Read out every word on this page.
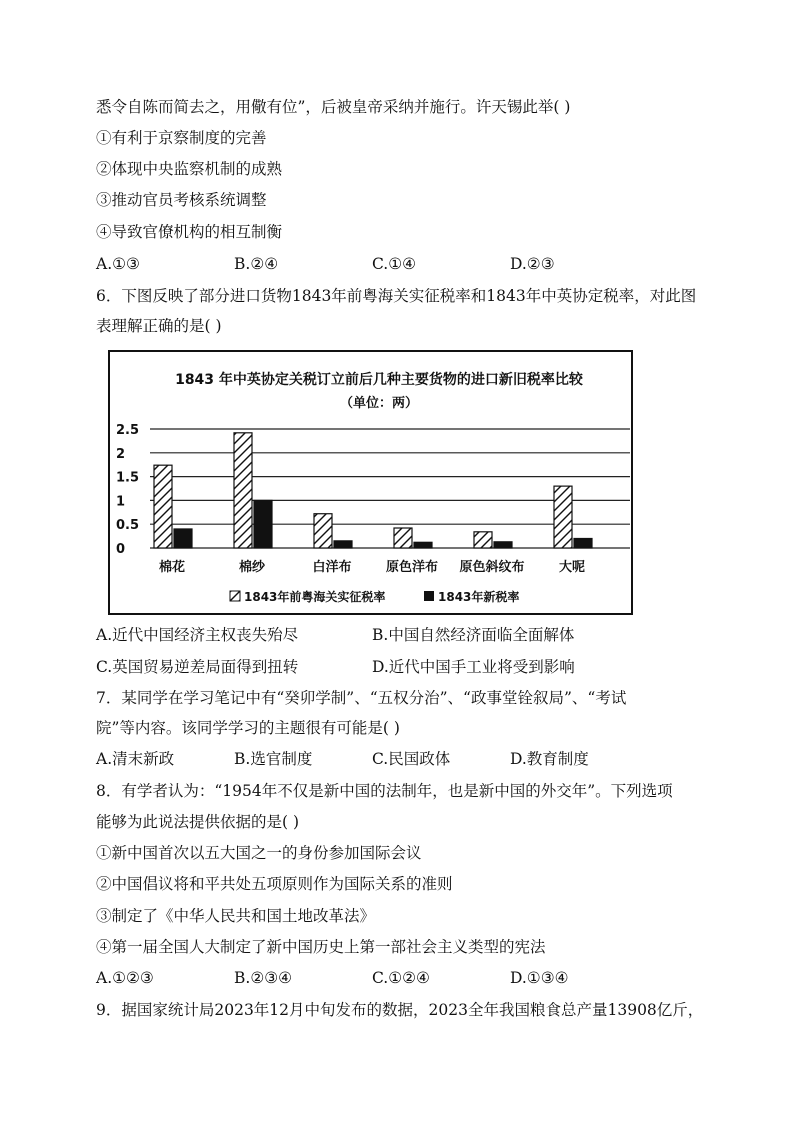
悉令自陈而简去之，用儆有位”，后被皇帝采纳并施行。许天锡此举( )
①有利于京察制度的完善
②体现中央监察机制的成熟
③推动官员考核系统调整
④导致官僚机构的相互制衡
A.①③	B.②④	C.①④	D.②③
6．下图反映了部分进口货物1843年前粤海关实征税率和1843年中英协定税率，对此图
表理解正确的是( )
1843 年中英协定关税订立前后几种主要货物的进口新旧税率比较
（单位：两）
0
0.5
1
1.5
2
2.5
棉花	棉纱	白洋布	原色洋布 原色斜纹布	大呢
1843年前粤海关实征税率	1843年新税率
A.近代中国经济主权丧失殆尽	B.中国自然经济面临全面解体
C.英国贸易逆差局面得到扭转	D.近代中国手工业将受到影响
7．某同学在学习笔记中有“癸卯学制”、“五权分治”、“政事堂铨叙局”、“考试
院”等内容。该同学学习的主题很有可能是( )
A.清末新政	B.选官制度	C.民国政体	D.教育制度
8．有学者认为：“1954年不仅是新中国的法制年，也是新中国的外交年”。下列选项
能够为此说法提供依据的是( )
①新中国首次以五大国之一的身份参加国际会议
②中国倡议将和平共处五项原则作为国际关系的准则
③制定了《中华人民共和国土地改革法》
④第一届全国人大制定了新中国历史上第一部社会主义类型的宪法
A.①②③	B.②③④	C.①②④	D.①③④
9．据国家统计局2023年12月中旬发布的数据，2023全年我国粮食总产量13908亿斤，
